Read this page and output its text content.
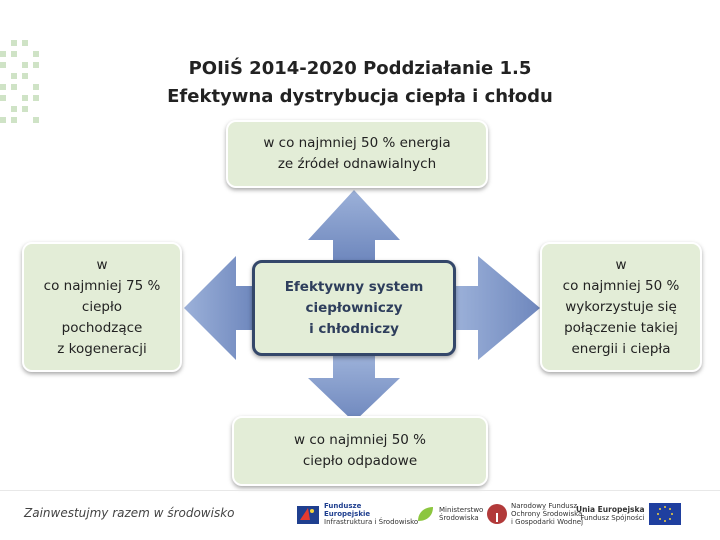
POIiŚ 2014-2020 Poddziałanie 1.5
Efektywna dystrybucja ciepła i chłodu
w co najmniej 50 % energia
ze źródeł odnawialnych
w
co najmniej 75 %
ciepło
pochodzące
z kogeneracji
w
co najmniej 50 %
wykorzystuje się
połączenie takiej
energii i ciepła
Efektywny system
ciepłowniczy
i chłodniczy
w co najmniej 50 %
ciepło odpadowe
Zainwestujmy razem w środowisko	Fundusze
Europejskie
Infrastruktura i Środowisko
Ministerstwo
Środowiska
Narodowy Fundusz
Ochrony Środowiska
i Gospodarki Wodnej
Unia Europejska
Fundusz Spójności
